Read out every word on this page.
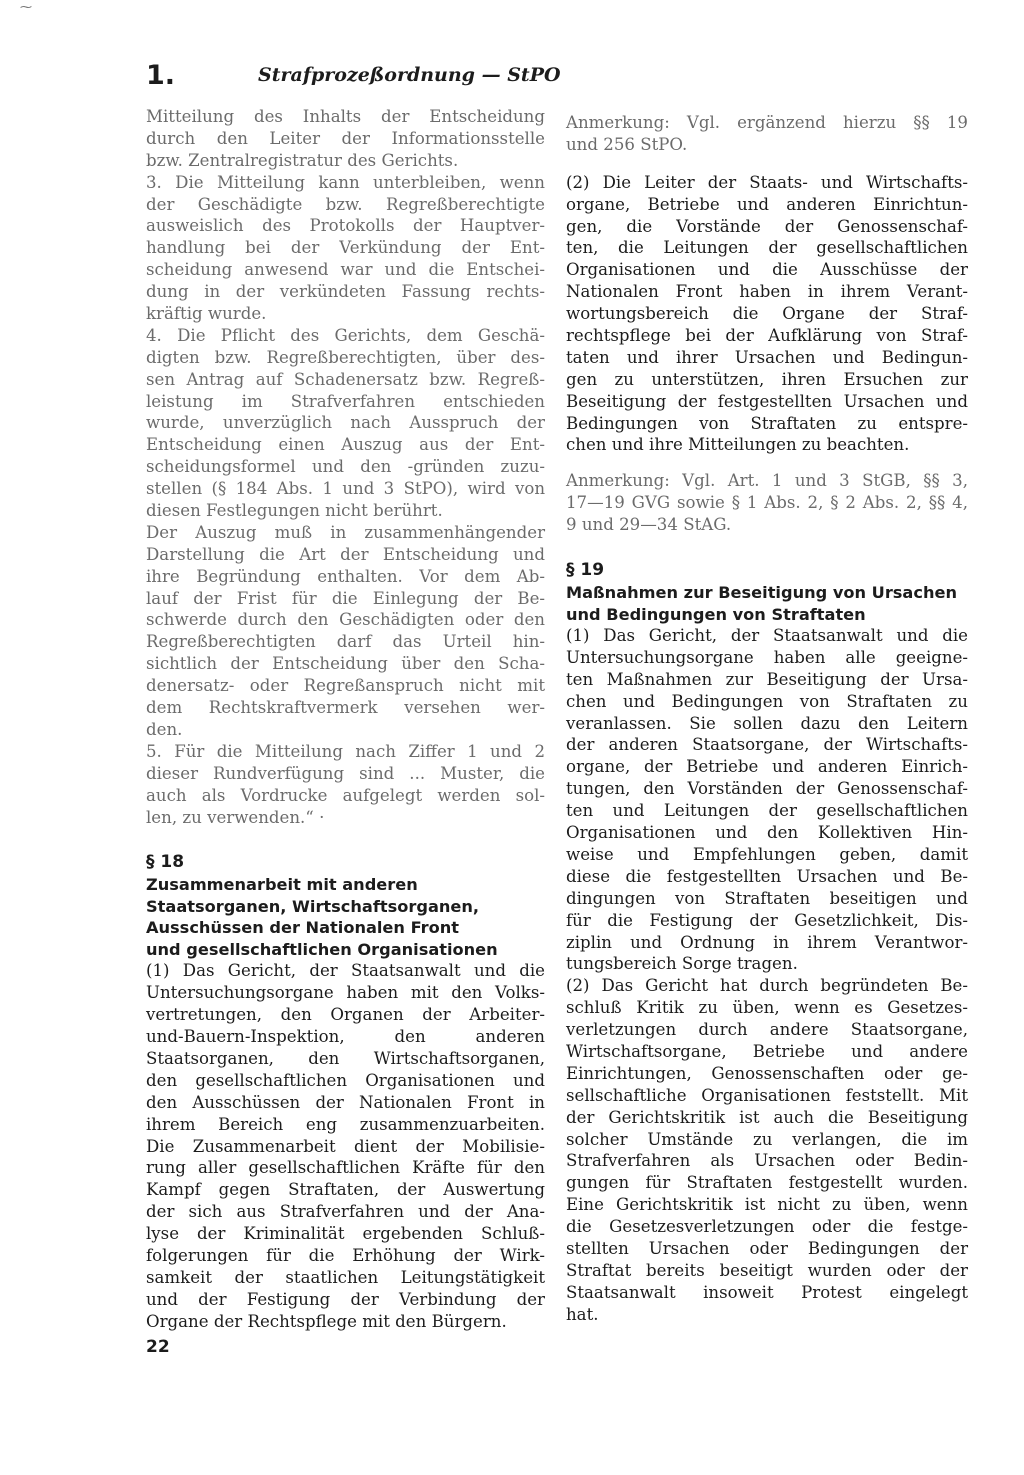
1.	Strafprozeßordnung — StPO
Mitteilung des Inhalts der Entscheidung
durch den Leiter der Informationsstelle
bzw. Zentralregistratur des Gerichts.
3. Die Mitteilung kann unterbleiben, wenn
der Geschädigte bzw. Regreßberechtigte
ausweislich des Protokolls der Hauptver-
handlung bei der Verkündung der Ent-
scheidung anwesend war und die Entschei-
dung in der verkündeten Fassung rechts-
kräftig wurde.
4. Die Pflicht des Gerichts, dem Geschä-
digten bzw. Regreßberechtigten, über des-
sen Antrag auf Schadenersatz bzw. Regreß-
leistung im Strafverfahren entschieden
wurde, unverzüglich nach Ausspruch der
Entscheidung einen Auszug aus der Ent-
scheidungsformel und den -gründen zuzu-
stellen (§ 184 Abs. 1 und 3 StPO), wird von
diesen Festlegungen nicht berührt.
Der Auszug muß in zusammenhängender
Darstellung die Art der Entscheidung und
ihre Begründung enthalten. Vor dem Ab-
lauf der Frist für die Einlegung der Be-
schwerde durch den Geschädigten oder den
Regreßberechtigten darf das Urteil hin-
sichtlich der Entscheidung über den Scha-
denersatz- oder Regreßanspruch nicht mit
dem Rechtskraftvermerk versehen wer-
den.
5. Für die Mitteilung nach Ziffer 1 und 2
dieser Rundverfügung sind ... Muster, die
auch als Vordrucke aufgelegt werden sol-
len, zu verwenden.“ ·
§ 18
Zusammenarbeit mit anderen
Staatsorganen, Wirtschaftsorganen,
Ausschüssen der Nationalen Front
und gesellschaftlichen Organisationen
(1) Das Gericht, der Staatsanwalt und die
Untersuchungsorgane haben mit den Volks-
vertretungen, den Organen der Arbeiter-
und-Bauern-Inspektion, den anderen
Staatsorganen, den Wirtschaftsorganen,
den gesellschaftlichen Organisationen und
den Ausschüssen der Nationalen Front in
ihrem Bereich eng zusammenzuarbeiten.
Die Zusammenarbeit dient der Mobilisie-
rung aller gesellschaftlichen Kräfte für den
Kampf gegen Straftaten, der Auswertung
der sich aus Strafverfahren und der Ana-
lyse der Kriminalität ergebenden Schluß-
folgerungen für die Erhöhung der Wirk-
samkeit der staatlichen Leitungstätigkeit
und der Festigung der Verbindung der
Organe der Rechtspflege mit den Bürgern.
Anmerkung: Vgl. ergänzend hierzu §§ 19
und 256 StPO.
(2) Die Leiter der Staats- und Wirtschafts-
organe, Betriebe und anderen Einrichtun-
gen, die Vorstände der Genossenschaf-
ten, die Leitungen der gesellschaftlichen
Organisationen und die Ausschüsse der
Nationalen Front haben in ihrem Verant-
wortungsbereich die Organe der Straf-
rechtspflege bei der Aufklärung von Straf-
taten und ihrer Ursachen und Bedingun-
gen zu unterstützen, ihren Ersuchen zur
Beseitigung der festgestellten Ursachen und
Bedingungen von Straftaten zu entspre-
chen und ihre Mitteilungen zu beachten.
Anmerkung: Vgl. Art. 1 und 3 StGB, §§ 3,
17—19 GVG sowie § 1 Abs. 2, § 2 Abs. 2, §§ 4,
9 und 29—34 StAG.
§ 19
Maßnahmen zur Beseitigung von Ursachen
und Bedingungen von Straftaten
(1) Das Gericht, der Staatsanwalt und die
Untersuchungsorgane haben alle geeigne-
ten Maßnahmen zur Beseitigung der Ursa-
chen und Bedingungen von Straftaten zu
veranlassen. Sie sollen dazu den Leitern
der anderen Staatsorgane, der Wirtschafts-
organe, der Betriebe und anderen Einrich-
tungen, den Vorständen der Genossenschaf-
ten und Leitungen der gesellschaftlichen
Organisationen und den Kollektiven Hin-
weise und Empfehlungen geben, damit
diese die festgestellten Ursachen und Be-
dingungen von Straftaten beseitigen und
für die Festigung der Gesetzlichkeit, Dis-
ziplin und Ordnung in ihrem Verantwor-
tungsbereich Sorge tragen.
(2) Das Gericht hat durch begründeten Be-
schluß Kritik zu üben, wenn es Gesetzes-
verletzungen durch andere Staatsorgane,
Wirtschaftsorgane, Betriebe und andere
Einrichtungen, Genossenschaften oder ge-
sellschaftliche Organisationen feststellt. Mit
der Gerichtskritik ist auch die Beseitigung
solcher Umstände zu verlangen, die im
Strafverfahren als Ursachen oder Bedin-
gungen für Straftaten festgestellt wurden.
Eine Gerichtskritik ist nicht zu üben, wenn
die Gesetzesverletzungen oder die festge-
stellten Ursachen oder Bedingungen der
Straftat bereits beseitigt wurden oder der
Staatsanwalt insoweit Protest eingelegt
hat.
22
⁓
